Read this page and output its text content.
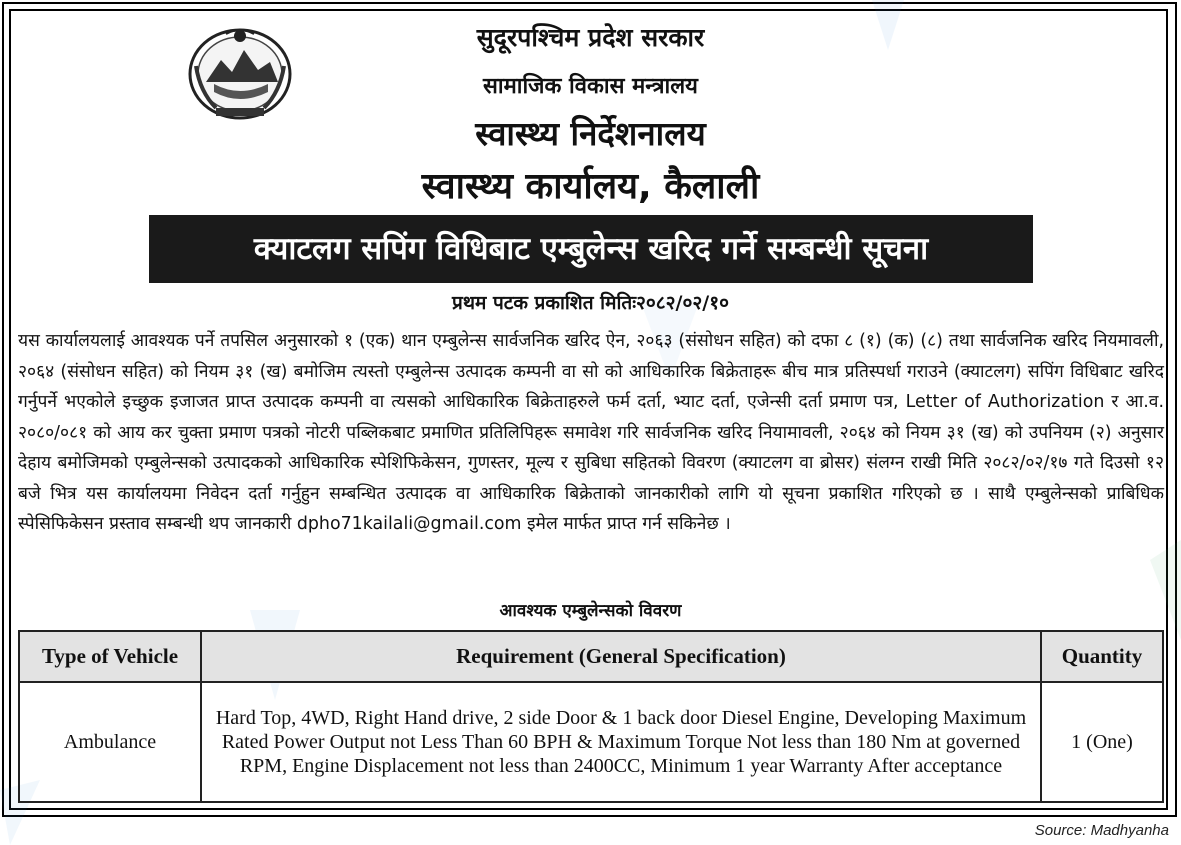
सुदूरपश्चिम प्रदेश सरकार
सामाजिक विकास मन्त्रालय
स्वास्थ्य निर्देशनालय
स्वास्थ्य कार्यालय, कैलाली
क्याटलग सपिंग विधिबाट एम्बुलेन्स खरिद गर्ने सम्बन्धी सूचना
प्रथम पटक प्रकाशित मितिः२०८२/०२/१०
यस कार्यालयलाई आवश्यक पर्ने तपसिल अनुसारको १ (एक) थान एम्बुलेन्स सार्वजनिक खरिद ऐन, २०६३ (संसोधन सहित) को दफा ८ (१) (क) (८) तथा सार्वजनिक खरिद नियमावली, २०६४ (संसोधन सहित) को नियम ३१ (ख) बमोजिम त्यस्तो एम्बुलेन्स उत्पादक कम्पनी वा सो को आधिकारिक बिक्रेताहरू बीच मात्र प्रतिस्पर्धा गराउने (क्याटलग) सपिंग विधिबाट खरिद गर्नुपर्ने भएकोले इच्छुक इजाजत प्राप्त उत्पादक कम्पनी वा त्यसको आधिकारिक बिक्रेताहरुले फर्म दर्ता, भ्याट दर्ता, एजेन्सी दर्ता प्रमाण पत्र, Letter of Authorization र आ.व. २०८०/०८१ को आय कर चुक्ता प्रमाण पत्रको नोटरी पब्लिकबाट प्रमाणित प्रतिलिपिहरू समावेश गरि सार्वजनिक खरिद नियामावली, २०६४ को नियम ३१ (ख) को उपनियम (२) अनुसार देहाय बमोजिमको एम्बुलेन्सको उत्पादकको आधिकारिक स्पेशिफिकेसन, गुणस्तर, मूल्य र सुबिधा सहितको विवरण (क्याटलग वा ब्रोसर) संलग्न राखी मिति २०८२/०२/१७ गते दिउसो १२ बजे भित्र यस कार्यालयमा निवेदन दर्ता गर्नुहुन सम्बन्धित उत्पादक वा आधिकारिक बिक्रेताको जानकारीको लागि यो सूचना प्रकाशित गरिएको छ । साथै एम्बुलेन्सको प्राबिधिक स्पेसिफिकेसन प्रस्ताव सम्बन्धी थप जानकारी dpho71kailali@gmail.com इमेल मार्फत प्राप्त गर्न सकिनेछ ।
आवश्यक एम्बुलेन्सको विवरण
Type of Vehicle	Requirement (General Specification)	Quantity
Ambulance	Hard Top, 4WD, Right Hand drive, 2 side Door & 1 back door Diesel Engine, Developing Maximum Rated Power Output not Less Than 60 BPH & Maximum Torque Not less than 180 Nm at governed RPM, Engine Displacement not less than 2400CC, Minimum 1 year Warranty After acceptance	1 (One)
Source: Madhyanha
